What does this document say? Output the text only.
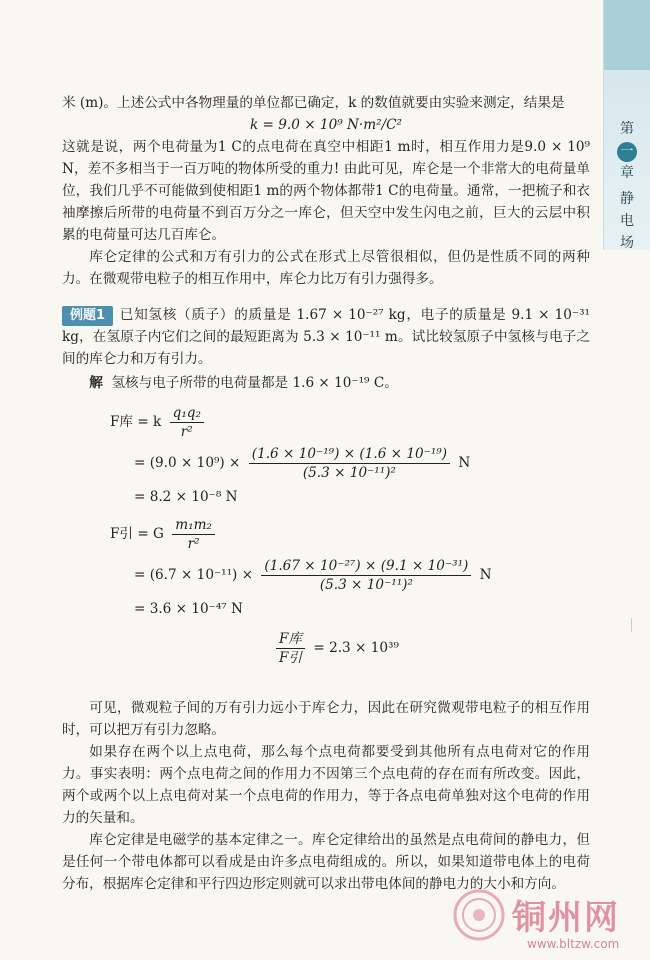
第
一
章
静电场

米 (m)。上述公式中各物理量的单位都已确定，k 的数值就要由实验来测定，结果是

k = 9.0 × 10⁹ N·m²/C²

这就是说，两个电荷量为1 C的点电荷在真空中相距1 m时，相互作用力是9.0 × 10⁹ N，差不多相当于一百万吨的物体所受的重力! 由此可见，库仑是一个非常大的电荷量单位，我们几乎不可能做到使相距1 m的两个物体都带1 C的电荷量。通常，一把梳子和衣袖摩擦后所带的电荷量不到百万分之一库仑，但天空中发生闪电之前，巨大的云层中积累的电荷量可达几百库仑。

库仑定律的公式和万有引力的公式在形式上尽管很相似，但仍是性质不同的两种力。在微观带电粒子的相互作用中，库仑力比万有引力强得多。

例题1 已知氢核（质子）的质量是 1.67 × 10⁻²⁷ kg，电子的质量是 9.1 × 10⁻³¹ kg，在氢原子内它们之间的最短距离为 5.3 × 10⁻¹¹ m。试比较氢原子中氢核与电子之间的库仑力和万有引力。

解 氢核与电子所带的电荷量都是 1.6 × 10⁻¹⁹ C。

F库 = k $\frac{\text{q₁q₂}}{\text{r²}}$
= $(9.0 \times 10^9) \times \frac{\text{(1.6 × 10⁻¹⁹) × (1.6 × 10⁻¹⁹)}}{\text{(5.3 × 10⁻¹¹)²}}$ N
= 8.2 × 10⁻⁸ N
F引 = G $\frac{\text{m₁m₂}}{\text{r²}}$
= $(6.7 \times 10^{-11}) \times \frac{\text{(1.67 × 10⁻²⁷) × (9.1 × 10⁻³¹)}}{\text{(5.3 × 10⁻¹¹)²}}$ N
= 3.6 × 10⁻⁴⁷ N
$\frac{\text{F库}}{\text{F引}} = 2.3 \times 10^{39}$

可见，微观粒子间的万有引力远小于库仑力，因此在研究微观带电粒子的相互作用时，可以把万有引力忽略。

如果存在两个以上点电荷，那么每个点电荷都要受到其他所有点电荷对它的作用力。事实表明：两个点电荷之间的作用力不因第三个点电荷的存在而有所改变。因此，两个或两个以上点电荷对某一个点电荷的作用力，等于各点电荷单独对这个电荷的作用力的矢量和。

库仑定律是电磁学的基本定律之一。库仑定律给出的虽然是点电荷间的静电力，但是任何一个带电体都可以看成是由许多点电荷组成的。所以，如果知道带电体上的电荷分布，根据库仑定律和平行四边形定则就可以求出带电体间的静电力的大小和方向。

铜州网
www.bltzw.com
